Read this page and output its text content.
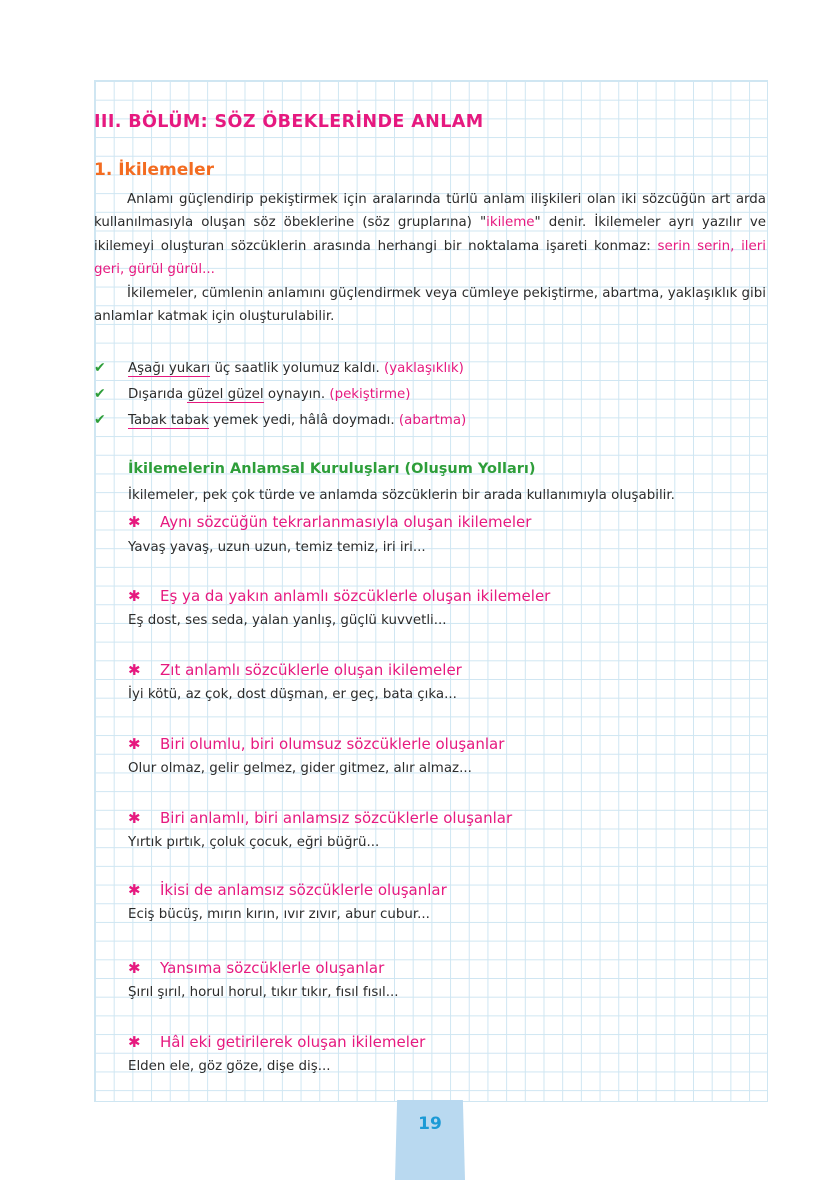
III. BÖLÜM: SÖZ ÖBEKLERİNDE ANLAM
1. İkilemeler

Anlamı güçlendirip pekiştirmek için aralarında türlü anlam ilişkileri olan iki sözcüğün art arda kullanılmasıyla oluşan söz öbeklerine (söz gruplarına) "ikileme" denir. İkilemeler ayrı yazılır ve ikilemeyi oluşturan sözcüklerin arasında herhangi bir noktalama işareti konmaz: serin serin, ileri geri, gürül gürül...

İkilemeler, cümlenin anlamını güçlendirmek veya cümleye pekiştirme, abartma, yaklaşıklık gibi anlamlar katmak için oluşturulabilir.

✔ Aşağı yukarı üç saatlik yolumuz kaldı. (yaklaşıklık)
✔ Dışarıda güzel güzel oynayın. (pekiştirme)
✔ Tabak tabak yemek yedi, hâlâ doymadı. (abartma)
İkilemelerin Anlamsal Kuruluşları (Oluşum Yolları)
İkilemeler, pek çok türde ve anlamda sözcüklerin bir arada kullanımıyla oluşabilir.
✱ Aynı sözcüğün tekrarlanmasıyla oluşan ikilemeler
Yavaş yavaş, uzun uzun, temiz temiz, iri iri...
✱ Eş ya da yakın anlamlı sözcüklerle oluşan ikilemeler
Eş dost, ses seda, yalan yanlış, güçlü kuvvetli...
✱ Zıt anlamlı sözcüklerle oluşan ikilemeler
İyi kötü, az çok, dost düşman, er geç, bata çıka...
✱ Biri olumlu, biri olumsuz sözcüklerle oluşanlar
Olur olmaz, gelir gelmez, gider gitmez, alır almaz...
✱ Biri anlamlı, biri anlamsız sözcüklerle oluşanlar
Yırtık pırtık, çoluk çocuk, eğri büğrü...
✱ İkisi de anlamsız sözcüklerle oluşanlar
Eciş bücüş, mırın kırın, ıvır zıvır, abur cubur...
✱ Yansıma sözcüklerle oluşanlar
Şırıl şırıl, horul horul, tıkır tıkır, fısıl fısıl...
✱ Hâl eki getirilerek oluşan ikilemeler
Elden ele, göz göze, dişe diş...
19
